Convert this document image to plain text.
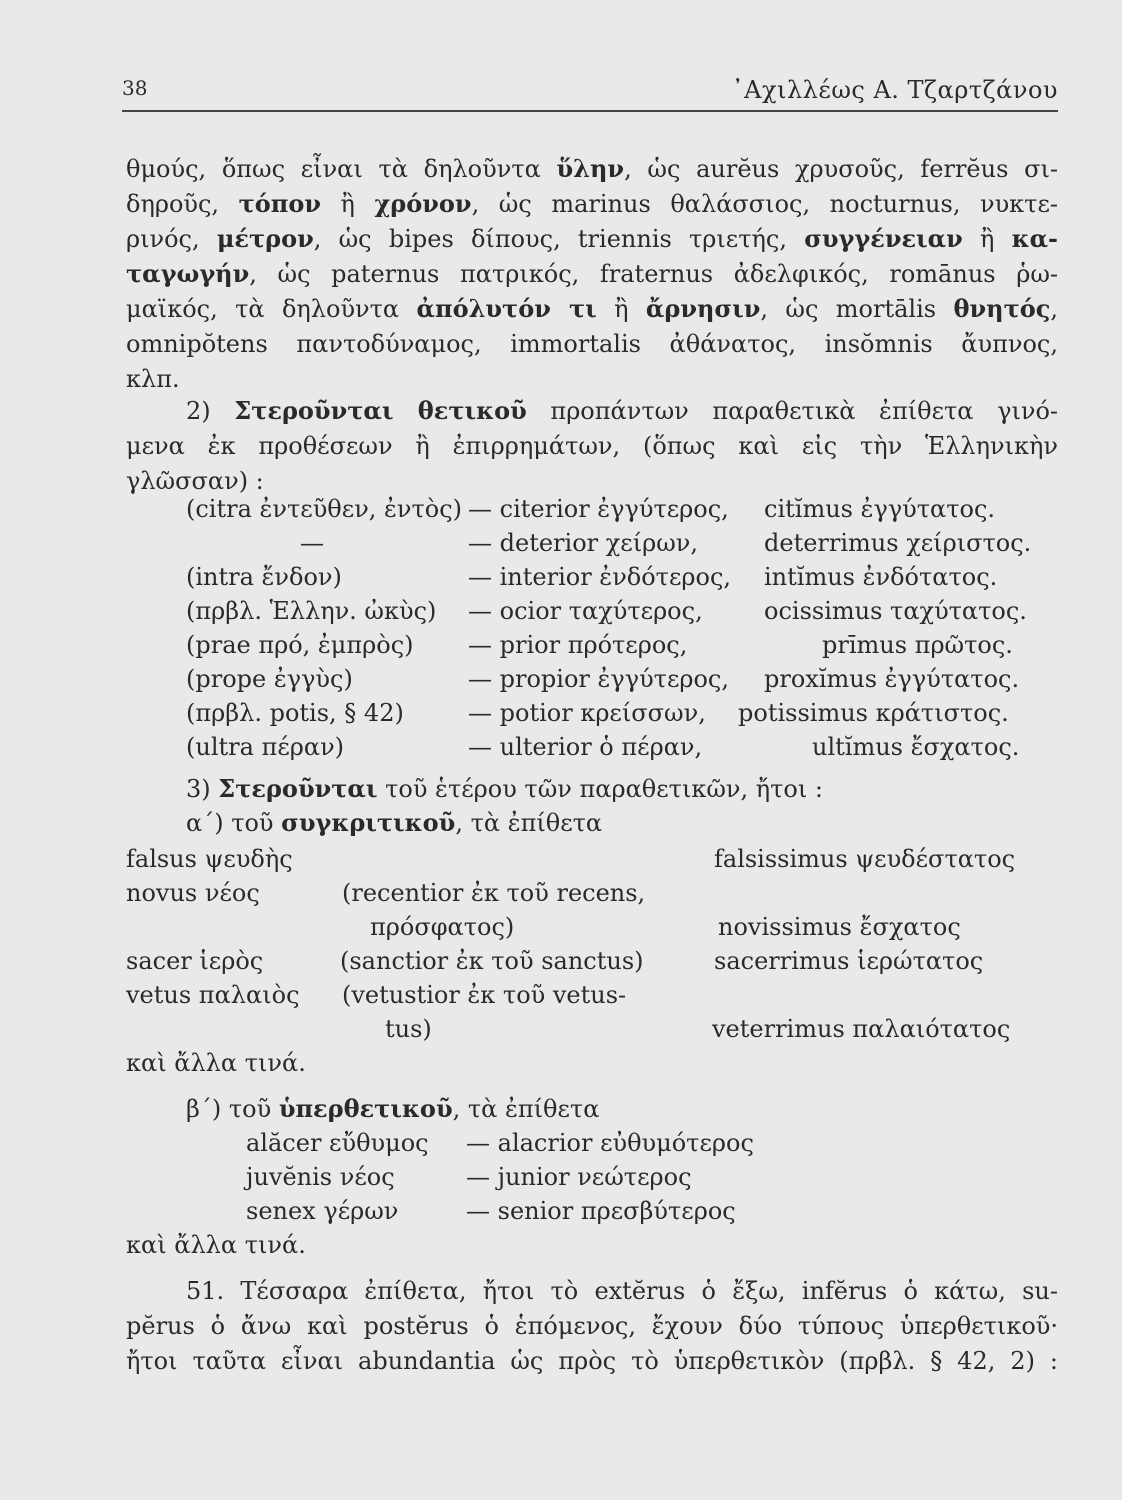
38	᾿Αχιλλέως Α. Τζαρτζάνου
θμούς, ὅπως εἶναι τὰ δηλοῦντα ὕλην, ὡς aurĕus χρυσοῦς, ferrĕus σι-
δηροῦς, τόπον ἢ χρόνον, ὡς marinus θαλάσσιος, nocturnus, νυκτε-
ρινός, μέτρον, ὡς bipes δίπους, triennis τριετής, συγγένειαν ἢ κα-
ταγωγήν, ὡς paternus πατρικός, fraternus ἀδελφικός, romānus ῥω-
μαϊκός, τὰ δηλοῦντα ἀπόλυτόν τι ἢ ἄρνησιν, ὡς mortālis θνητός,
omnipŏtens παντοδύναμος, immortalis ἀθάνατος, insŏmnis ἄυπνος,
κλπ.
2) Στεροῦνται θετικοῦ προπάντων παραθετικὰ ἐπίθετα γινό-
μενα ἐκ προθέσεων ἢ ἐπιρρημάτων, (ὅπως καὶ εἰς τὴν Ἑλληνικὴν
γλῶσσαν) :
(citra ἐντεῦθεν, ἐντὸς) — citerior ἐγγύτερος, citĭmus ἐγγύτατος.
—	— deterior χείρων,	deterrimus χείριστος.
(intra ἔνδον)	— interior ἐνδότερος, intĭmus ἐνδότατος.
(πρβλ. Ἑλλην. ὠκὺς) — ocior ταχύτερος,	ocissimus ταχύτατος.
(prae πρό, ἐμπρὸς) — prior πρότερος,	prīmus πρῶτος.
(prope ἐγγὺς)	— propior ἐγγύτερος, proxĭmus ἐγγύτατος.
(πρβλ. potis, § 42)	— potior κρείσσων, potissimus κράτιστος.
(ultra πέραν)	— ulterior ὁ πέραν,	ultĭmus ἔσχατος.
3) Στεροῦνται τοῦ ἑτέρου τῶν παραθετικῶν, ἤτοι :
α΄) τοῦ συγκριτικοῦ, τὰ ἐπίθετα
falsus ψευδὴς	falsissimus ψευδέστατος
novus νέος	(recentior ἐκ τοῦ recens,
πρόσφατος)	novissimus ἔσχατος
sacer ἱερὸς	(sanctior ἐκ τοῦ sanctus)	sacerrimus ἱερώτατος
vetus παλαιὸς (vetustior ἐκ τοῦ vetus-
tus)	veterrimus παλαιότατος
καὶ ἄλλα τινά.
β΄) τοῦ ὑπερθετικοῦ, τὰ ἐπίθετα
alăcer εὔθυμος — alacrior εὐθυμότερος
juvĕnis νέος	— junior νεώτερος
senex γέρων	— senior πρεσβύτερος
καὶ ἄλλα τινά.
51. Τέσσαρα ἐπίθετα, ἤτοι τὸ extĕrus ὁ ἔξω, infĕrus ὁ κάτω, su-
pĕrus ὁ ἄνω καὶ postĕrus ὁ ἑπόμενος, ἔχουν δύο τύπους ὑπερθετικοῦ·
ἤτοι ταῦτα εἶναι abundantia ὡς πρὸς τὸ ὑπερθετικὸν (πρβλ. § 42, 2) :
